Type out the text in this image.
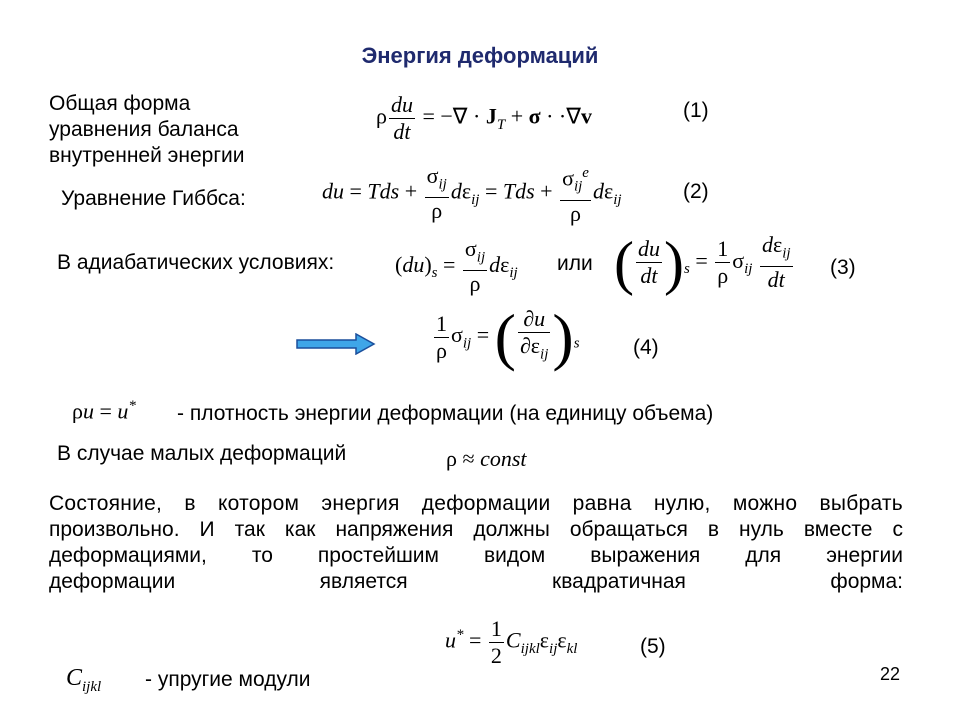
Энергия деформаций
Общая форма
уравнения баланса
внутренней энергии
ρ $\frac{du}{dt}$ = −∇ · $J_T + \sigma \cdot \cdot\nabla v$	(1)
Уравнение Гиббса:	du = Tds + $\frac{\sigma_{ij}}{\rho} d\varepsilon_{ij}$ = Tds + $\frac{\sigma_{ij}^e}{\rho} d\varepsilon_{ij}$	(2)
В адиабатических условиях:	$(du)_s = \frac{\sigma_{ij}}{\rho} d\varepsilon_{ij}$ или ( $\frac{du}{dt} )_s = \frac{1}{\rho} \sigma_{ij} \frac{d\varepsilon_{ij}}{dt} (3)$
$\frac{1}{\rho} \sigma_{ij}$ = ( $\frac{\partial u}{\partial\varepsilon_{ij}} )_s$	(4)
ρu = u* - плотность энергии деформации (на единицу объема)
В случае малых деформаций	ρ ≈ const
Состояние, в котором энергия деформации равна нулю, можно выбрать
произвольно. И так как напряжения должны обращаться в нуль вместе с
деформациями, то простейшим видом выражения для энергии
деформации является квадратичная форма:
$u^* = \frac{1}{2} C_{ijkl}\varepsilon_{ij}\varepsilon_{kl}$	(5)
$C_{ijkl}$ - упругие модули	22
